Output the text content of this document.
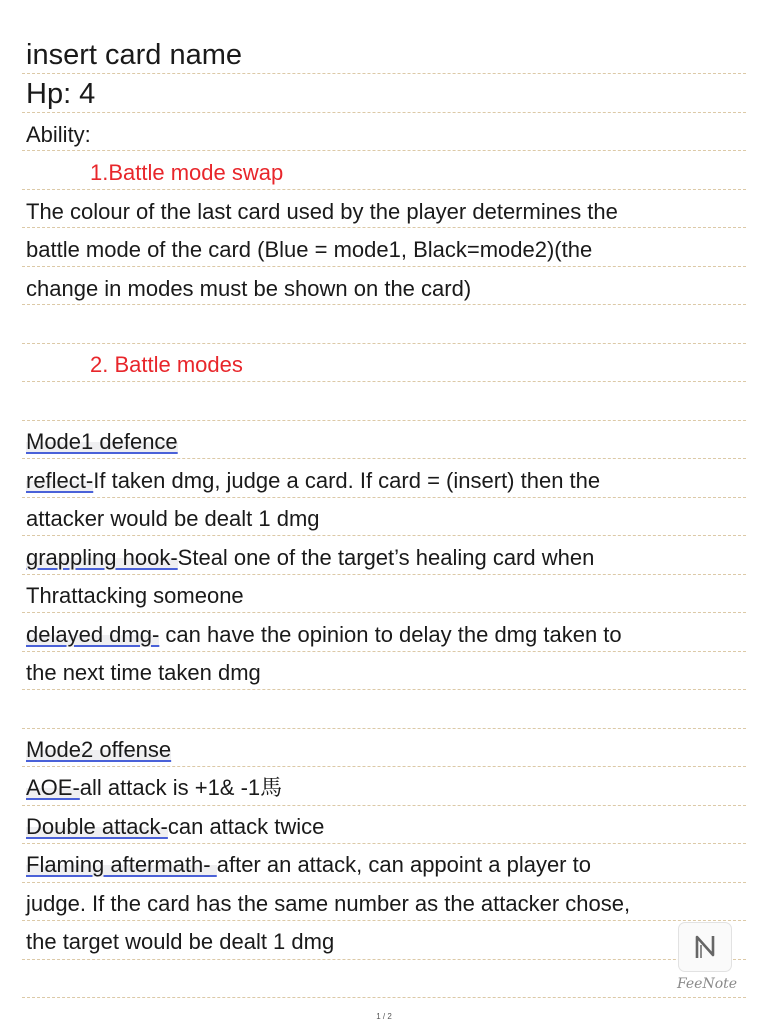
insert card name
Hp: 4
Ability:
1.Battle mode swap
The colour of the last card used by the player determines the
battle mode of the card (Blue = mode1, Black=mode2)(the
change in modes must be shown on the card)
2. Battle modes
Mode1 defence
reflect-If taken dmg, judge a card. If card = (insert) then the
attacker would be dealt 1 dmg
grappling hook-Steal one of the target’s healing card when
Thrattacking someone
delayed dmg- can have the opinion to delay the dmg taken to
the next time taken dmg
Mode2 offense
AOE-all attack is +1& -1馬
Double attack-can attack twice
Flaming aftermath- after an attack, can appoint a player to
judge. If the card has the same number as the attacker chose,
the target would be dealt 1 dmg
FeeNote
1 / 2
